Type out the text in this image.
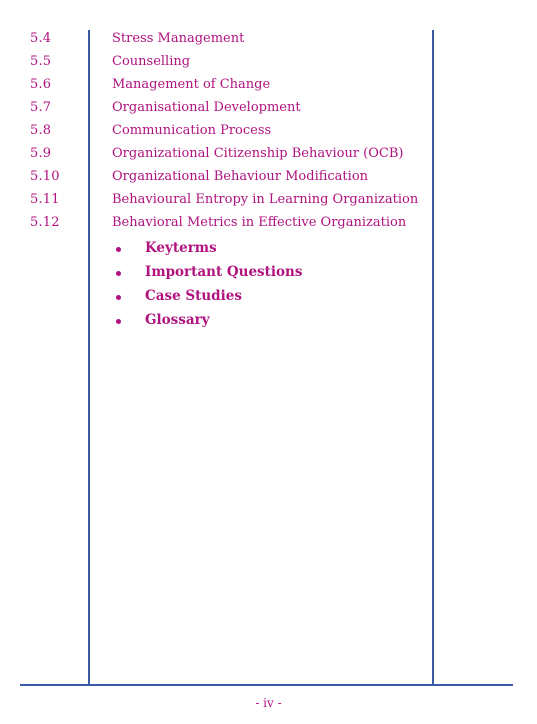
5.4	Stress Management
5.5	Counselling
5.6	Management of Change
5.7	Organisational Development
5.8	Communication Process
5.9	Organizational Citizenship Behaviour (OCB)
5.10	Organizational Behaviour Modification
5.11	Behavioural Entropy in Learning Organization
5.12	Behavioral Metrics in Effective Organization
Keyterms
Important Questions
Case Studies
Glossary
- iv -
